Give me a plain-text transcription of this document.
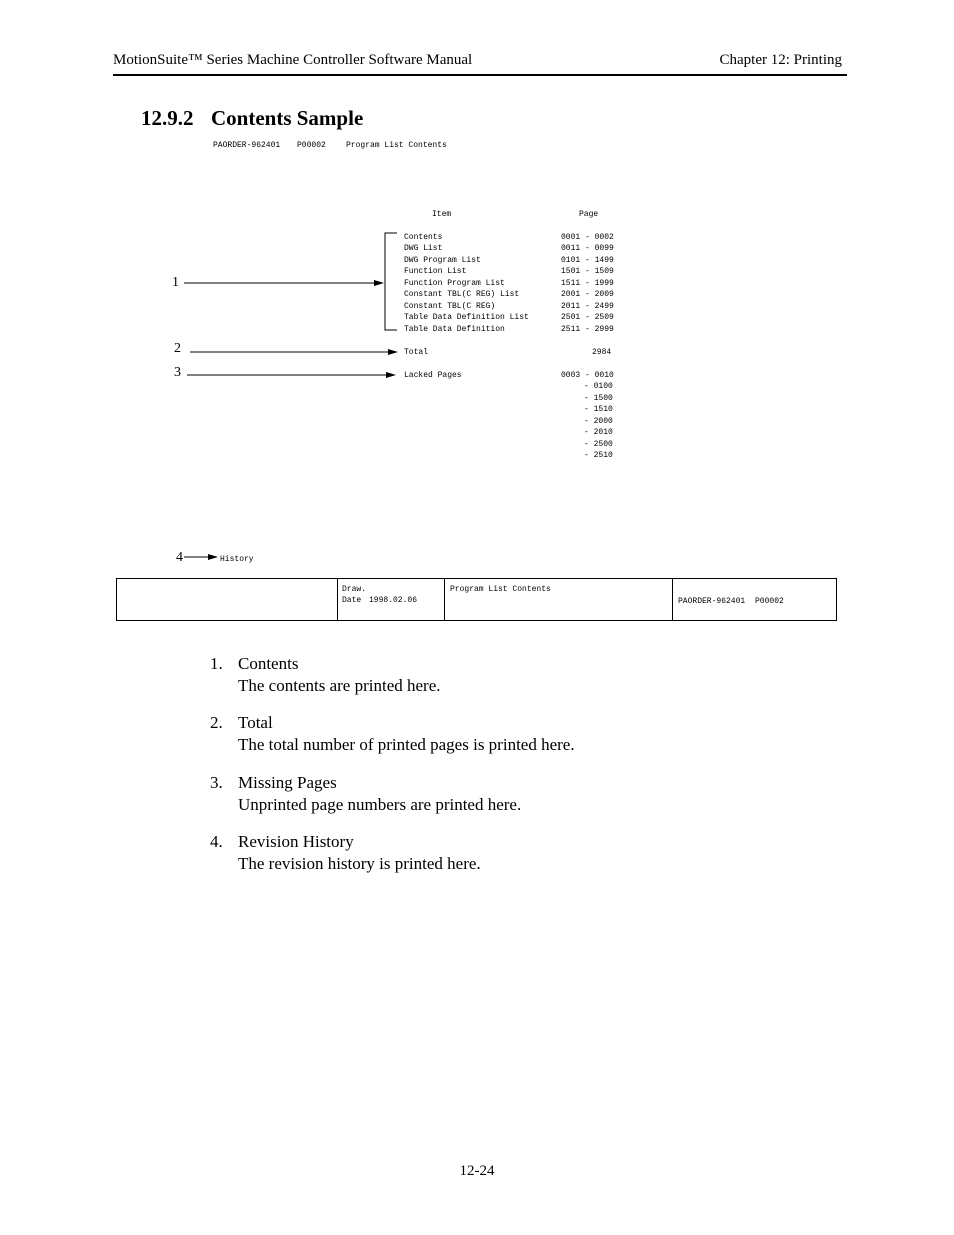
MotionSuite™ Series Machine Controller Software Manual	Chapter 12: Printing
12.9.2 Contents Sample
PAORDER-962401 P00002	Program List Contents
Item	Page
Contents	0001 - 0002
DWG List	0011 - 0099
DWG Program List	0101 - 1499
Function List	1501 - 1509
Function Program List	1511 - 1999
Constant TBL(C REG) List	2001 - 2009
Constant TBL(C REG)	2011 - 2499
Table Data Definition List	2501 - 2509
Table Data Definition	2511 - 2999
Total	2984
Lacked Pages	0003 - 0010
- 0100
- 1500
- 1510
- 2000
- 2010
- 2500
- 2510
History
1
2
3
4
Draw.
Date 1998.02.06
Program List Contents
PAORDER-962401 P00002
1. Contents
The contents are printed here.
2. Total
The total number of printed pages is printed here.
3. Missing Pages
Unprinted page numbers are printed here.
4. Revision History
The revision history is printed here.
12-24
